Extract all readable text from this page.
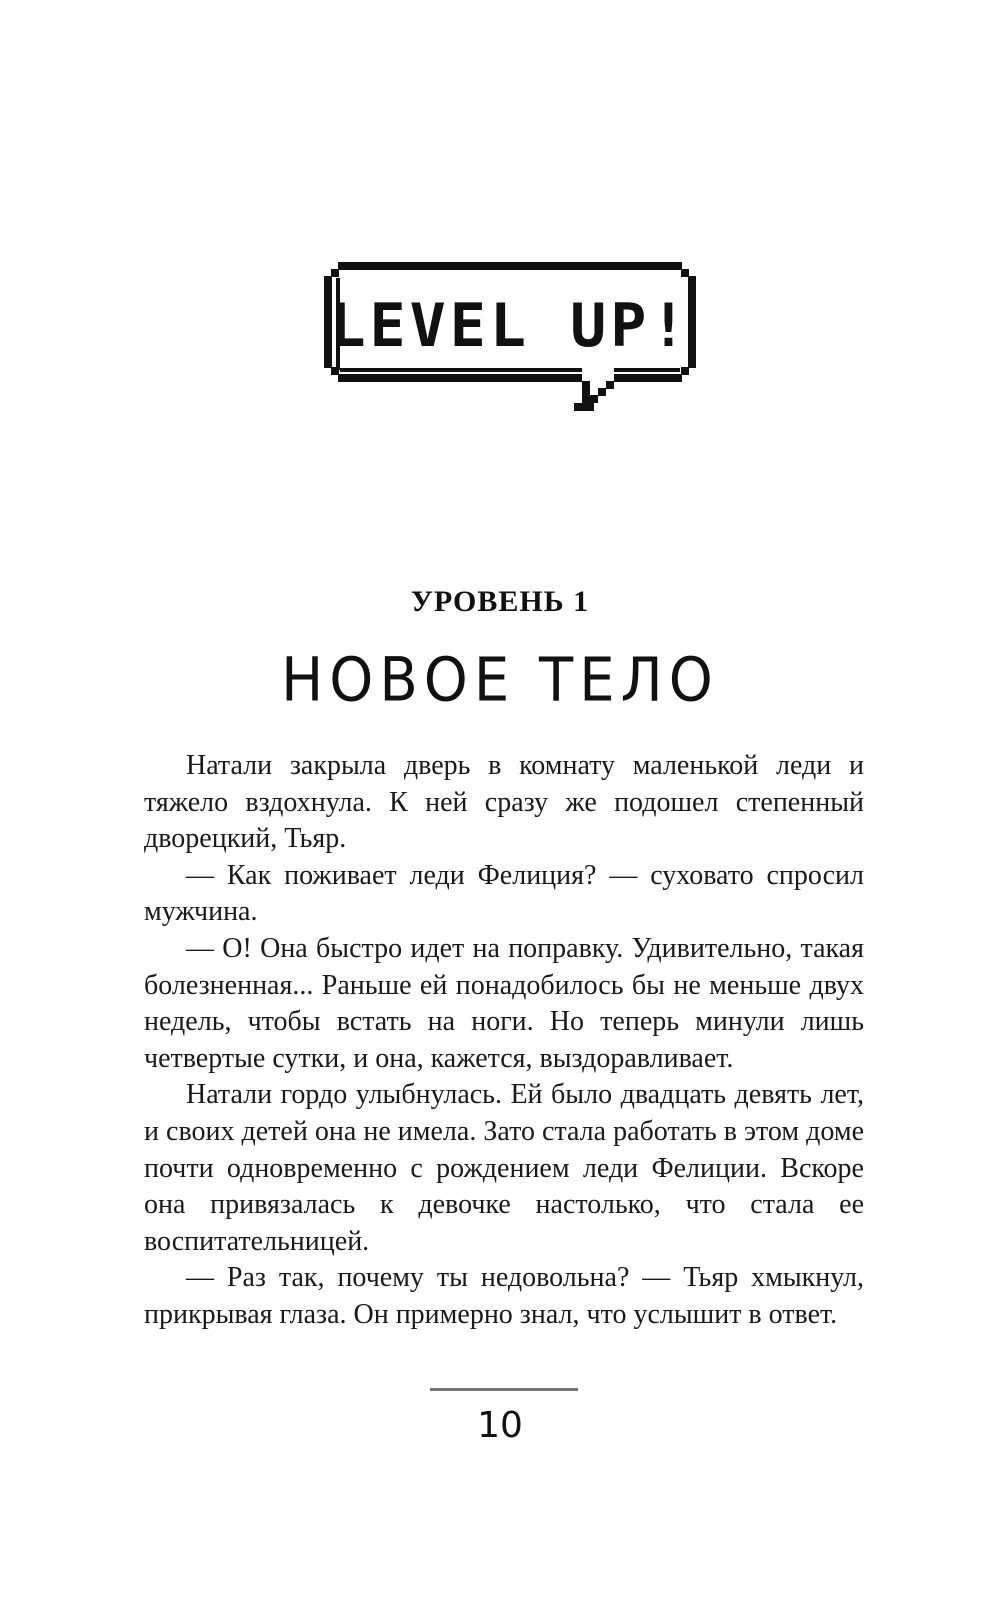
LEVEL UP!
УРОВЕНЬ 1
НОВОЕ ТЕЛО

Натали закрыла дверь в комнату маленькой леди и тяжело вздохнула. К ней сразу же подошел степенный дворецкий, Тьяр.

— Как поживает леди Фелиция? — суховато спросил мужчина.

— О! Она быстро идет на поправку. Удивительно, такая болезненная... Раньше ей понадобилось бы не меньше двух недель, чтобы встать на ноги. Но теперь минули лишь четвертые сутки, и она, кажется, выздоравливает.

Натали гордо улыбнулась. Ей было двадцать девять лет, и своих детей она не имела. Зато стала работать в этом доме почти одновременно с рождением леди Фелиции. Вскоре она привязалась к девочке настолько, что стала ее воспитательницей.

— Раз так, почему ты недовольна? — Тьяр хмыкнул, прикрывая глаза. Он примерно знал, что услышит в ответ.

10
